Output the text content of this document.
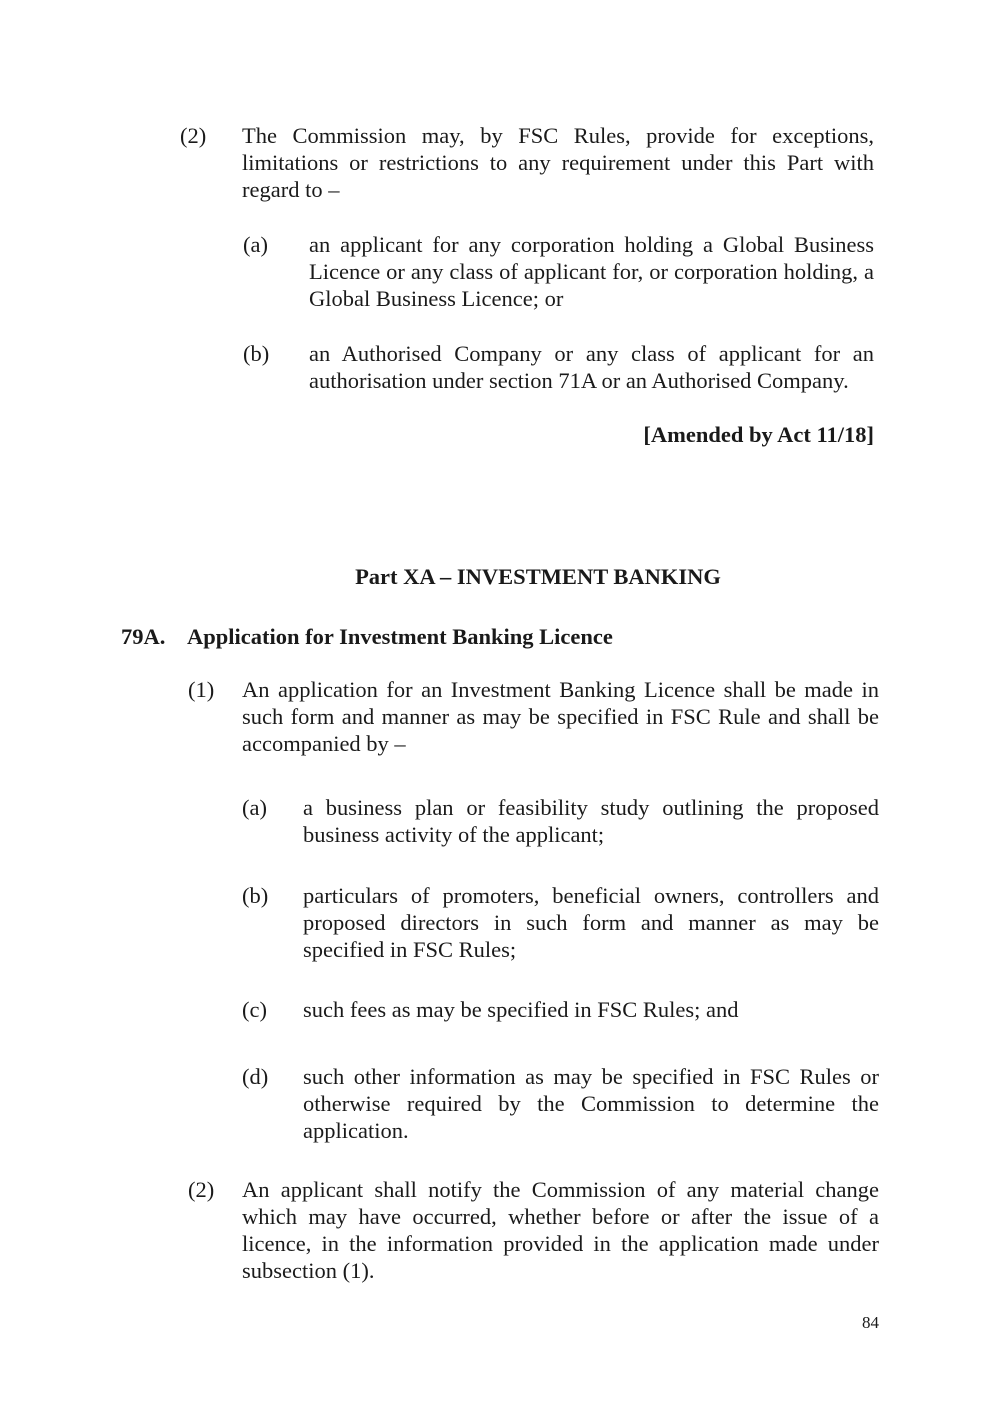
(2) The Commission may, by FSC Rules, provide for exceptions, limitations or restrictions to any requirement under this Part with regard to –
(a) an applicant for any corporation holding a Global Business Licence or any class of applicant for, or corporation holding, a Global Business Licence; or
(b) an Authorised Company or any class of applicant for an authorisation under section 71A or an Authorised Company.
[Amended by Act 11/18]
Part XA – INVESTMENT BANKING
79A. Application for Investment Banking Licence
(1) An application for an Investment Banking Licence shall be made in such form and manner as may be specified in FSC Rule and shall be accompanied by –
(a) a business plan or feasibility study outlining the proposed business activity of the applicant;
(b) particulars of promoters, beneficial owners, controllers and proposed directors in such form and manner as may be specified in FSC Rules;
(c) such fees as may be specified in FSC Rules; and
(d) such other information as may be specified in FSC Rules or otherwise required by the Commission to determine the application.
(2) An applicant shall notify the Commission of any material change which may have occurred, whether before or after the issue of a licence, in the information provided in the application made under subsection (1).
84
